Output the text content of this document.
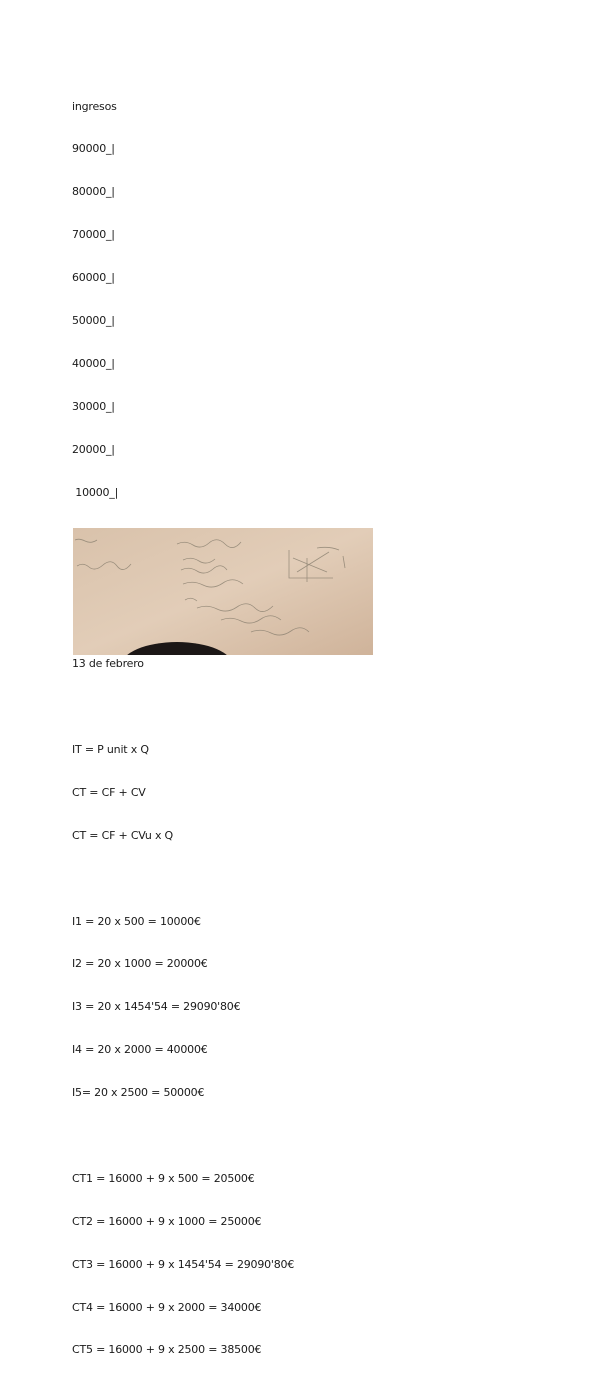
ingresos

90000_|

80000_|

70000_|

60000_|

50000_|

40000_|

30000_|

20000_|

10000_|

13 de febrero

IT = P unit x Q

CT = CF + CV

CT = CF + CVu x Q

I1 = 20 x 500 = 10000€

I2 = 20 x 1000 = 20000€

I3 = 20 x 1454'54 = 29090'80€

I4 = 20 x 2000 = 40000€

I5= 20 x 2500 = 50000€

CT1 = 16000 + 9 x 500 = 20500€

CT2 = 16000 + 9 x 1000 = 25000€

CT3 = 16000 + 9 x 1454'54 = 29090'80€

CT4 = 16000 + 9 x 2000 = 34000€

CT5 = 16000 + 9 x 2500 = 38500€
